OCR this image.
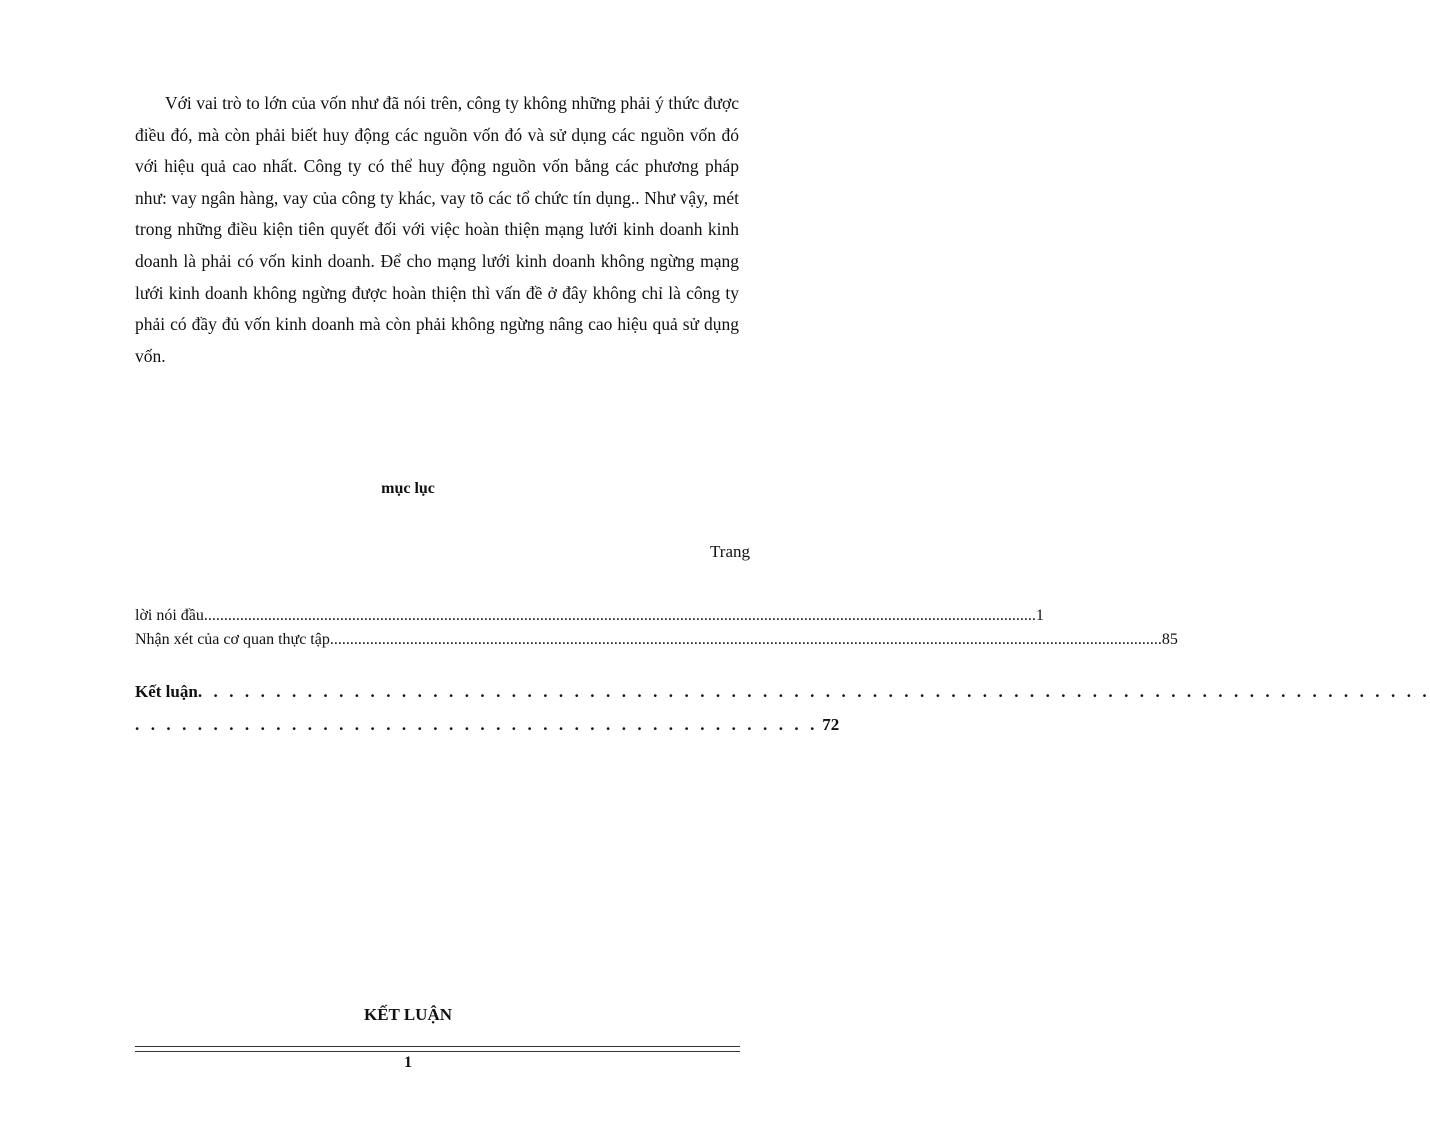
Với vai trò to lớn của vốn như đã nói trên, công ty không những phải ý thức được điều đó, mà còn phải biết huy động các nguồn vốn đó và sử dụng các nguồn vốn đó với hiệu quả cao nhất. Công ty có thể huy động nguồn vốn bằng các phương pháp như: vay ngân hàng, vay của công ty khác, vay tõ các tổ chức tín dụng.. Như vậy, mét trong những điều kiện tiên quyết đối với việc hoàn thiện mạng lưới kinh doanh kinh doanh là phải có vốn kinh doanh. Để cho mạng lưới kinh doanh không ngừng mạng lưới kinh doanh không ngừng được hoàn thiện thì vấn đề ở đây không chỉ là công ty phải có đầy đủ vốn kinh doanh mà còn phải không ngừng nâng cao hiệu quả sử dụng vốn.

mục lục
Trang
lời nói đầu .....	1
Nhận xét của cơ quan thực tập .....	85
Kết luận
. . .
. . . . . . . . . . . . . . . . . . . . . . . . . . . . . . . . . . . . . . . . . . . . 72
KẾT LUẬN
1
